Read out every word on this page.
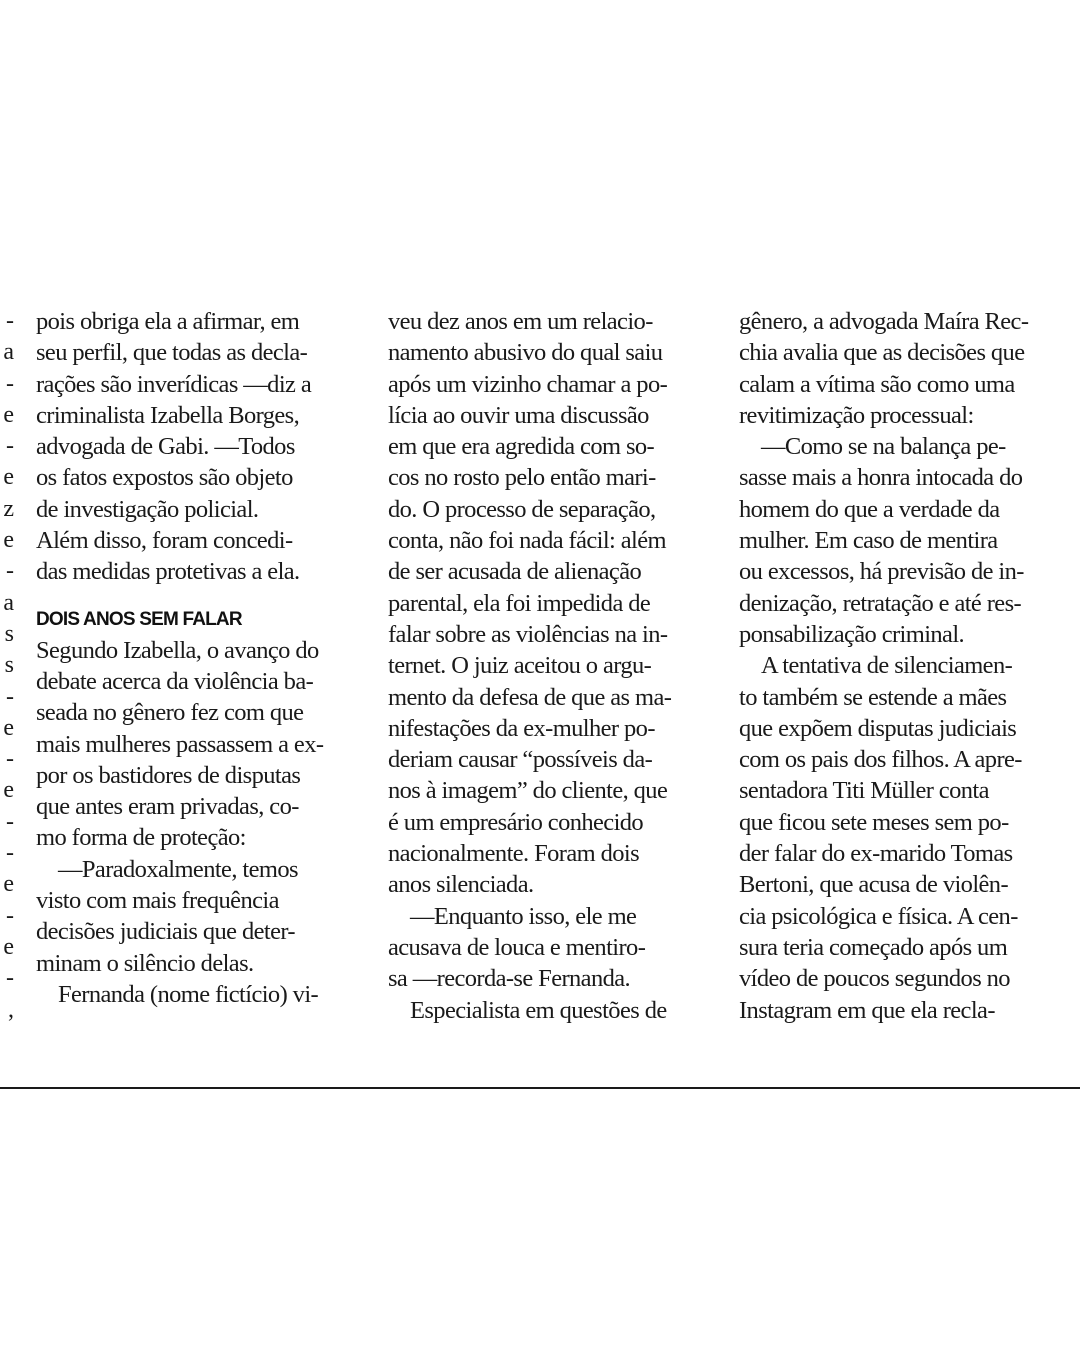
-
a
-
e
-
e
z
e
-
a
s
s
-
e
-
e
-
-
e
-
e
-
,
pois obriga ela a afirmar, em
seu perfil, que todas as decla-
rações são inverídicas —diz a
criminalista Izabella Borges,
advogada de Gabi. —Todos
os fatos expostos são objeto
de investigação policial.
Além disso, foram concedi-
das medidas protetivas a ela.
DOIS ANOS SEM FALAR
Segundo Izabella, o avanço do
debate acerca da violência ba-
seada no gênero fez com que
mais mulheres passassem a ex-
por os bastidores de disputas
que antes eram privadas, co-
mo forma de proteção:
—Paradoxalmente, temos
visto com mais frequência
decisões judiciais que deter-
minam o silêncio delas.
Fernanda (nome fictício) vi-
veu dez anos em um relacio-
namento abusivo do qual saiu
após um vizinho chamar a po-
lícia ao ouvir uma discussão
em que era agredida com so-
cos no rosto pelo então mari-
do. O processo de separação,
conta, não foi nada fácil: além
de ser acusada de alienação
parental, ela foi impedida de
falar sobre as violências na in-
ternet. O juiz aceitou o argu-
mento da defesa de que as ma-
nifestações da ex-mulher po-
deriam causar “possíveis da-
nos à imagem” do cliente, que
é um empresário conhecido
nacionalmente. Foram dois
anos silenciada.
—Enquanto isso, ele me
acusava de louca e mentiro-
sa —recorda-se Fernanda.
Especialista em questões de
gênero, a advogada Maíra Rec-
chia avalia que as decisões que
calam a vítima são como uma
revitimização processual:
—Como se na balança pe-
sasse mais a honra intocada do
homem do que a verdade da
mulher. Em caso de mentira
ou excessos, há previsão de in-
denização, retratação e até res-
ponsabilização criminal.
A tentativa de silenciamen-
to também se estende a mães
que expõem disputas judiciais
com os pais dos filhos. A apre-
sentadora Titi Müller conta
que ficou sete meses sem po-
der falar do ex-marido Tomas
Bertoni, que acusa de violên-
cia psicológica e física. A cen-
sura teria começado após um
vídeo de poucos segundos no
Instagram em que ela recla-
